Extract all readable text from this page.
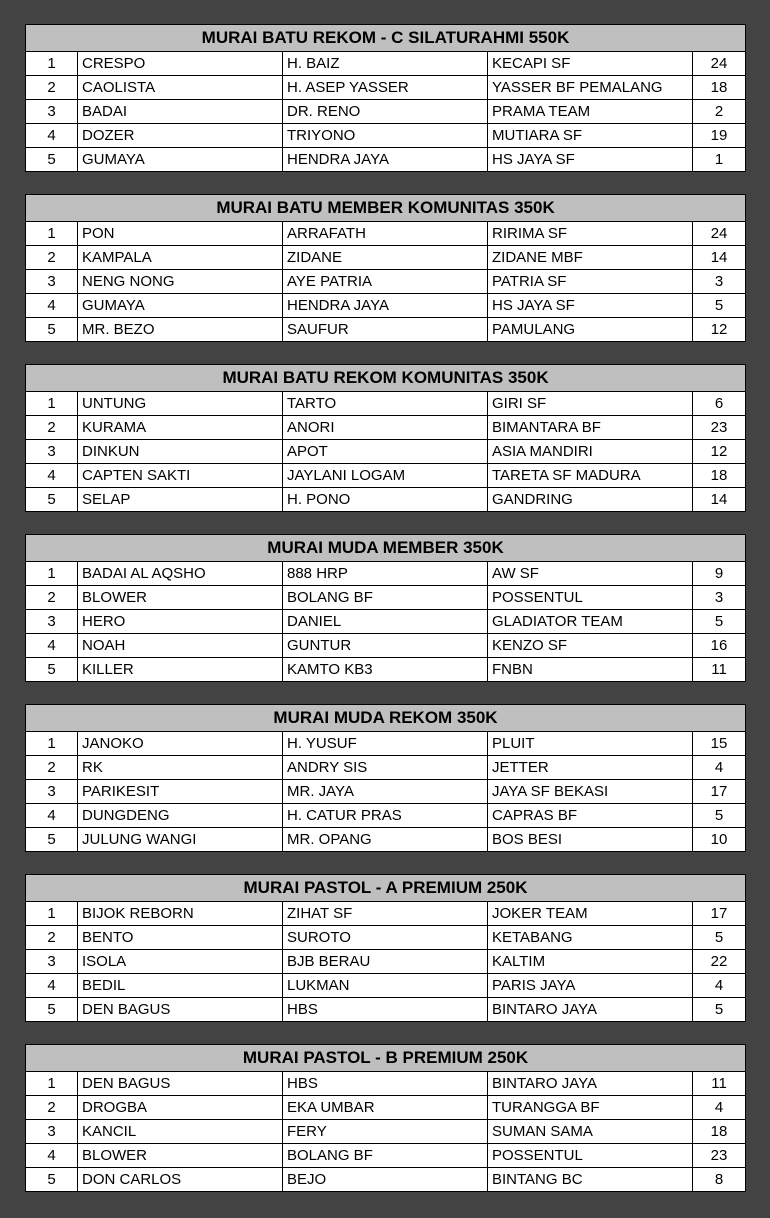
MURAI BATU REKOM - C SILATURAHMI 550K				
1	CRESPO	H. BAIZ	KECAPI SF	24
2	CAOLISTA	H. ASEP YASSER	YASSER BF PEMALANG	18
3	BADAI	DR. RENO	PRAMA TEAM	2
4	DOZER	TRIYONO	MUTIARA SF	19
5	GUMAYA	HENDRA JAYA	HS JAYA SF	1
MURAI BATU MEMBER KOMUNITAS 350K				
1	PON	ARRAFATH	RIRIMA SF	24
2	KAMPALA	ZIDANE	ZIDANE MBF	14
3	NENG NONG	AYE PATRIA	PATRIA SF	3
4	GUMAYA	HENDRA JAYA	HS JAYA SF	5
5	MR. BEZO	SAUFUR	PAMULANG	12
MURAI BATU REKOM KOMUNITAS 350K				
1	UNTUNG	TARTO	GIRI SF	6
2	KURAMA	ANORI	BIMANTARA BF	23
3	DINKUN	APOT	ASIA MANDIRI	12
4	CAPTEN SAKTI	JAYLANI LOGAM	TARETA SF MADURA	18
5	SELAP	H. PONO	GANDRING	14
MURAI MUDA MEMBER 350K				
1	BADAI AL AQSHO	888 HRP	AW SF	9
2	BLOWER	BOLANG BF	POSSENTUL	3
3	HERO	DANIEL	GLADIATOR TEAM	5
4	NOAH	GUNTUR	KENZO SF	16
5	KILLER	KAMTO KB3	FNBN	11
MURAI MUDA REKOM 350K				
1	JANOKO	H. YUSUF	PLUIT	15
2	RK	ANDRY SIS	JETTER	4
3	PARIKESIT	MR. JAYA	JAYA SF BEKASI	17
4	DUNGDENG	H. CATUR PRAS	CAPRAS BF	5
5	JULUNG WANGI	MR. OPANG	BOS BESI	10
MURAI PASTOL - A PREMIUM 250K				
1	BIJOK REBORN	ZIHAT SF	JOKER TEAM	17
2	BENTO	SUROTO	KETABANG	5
3	ISOLA	BJB BERAU	KALTIM	22
4	BEDIL	LUKMAN	PARIS JAYA	4
5	DEN BAGUS	HBS	BINTARO JAYA	5
MURAI PASTOL - B PREMIUM 250K				
1	DEN BAGUS	HBS	BINTARO JAYA	11
2	DROGBA	EKA UMBAR	TURANGGA BF	4
3	KANCIL	FERY	SUMAN SAMA	18
4	BLOWER	BOLANG BF	POSSENTUL	23
5	DON CARLOS	BEJO	BINTANG BC	8
